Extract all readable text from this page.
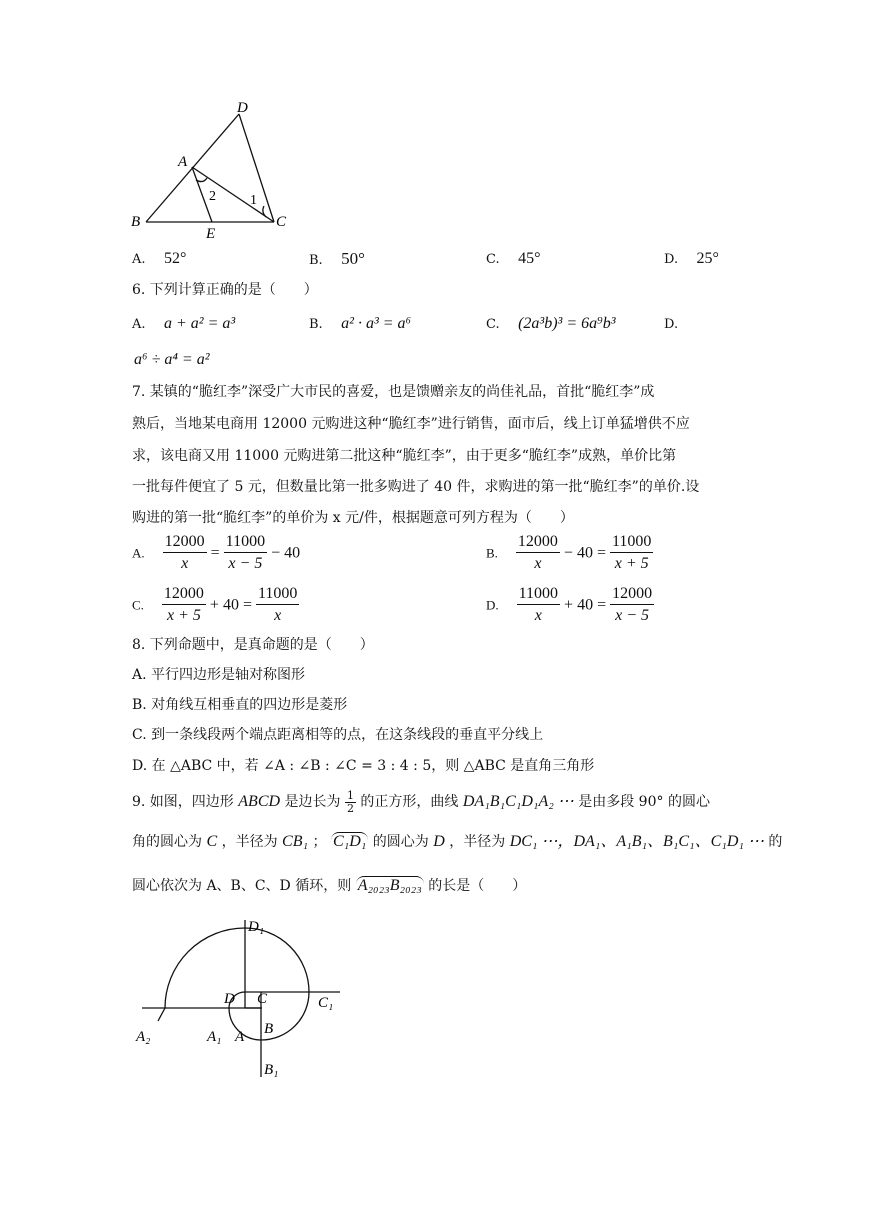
D
A
B	C
E
1
2
A. 52°	B. 50°	C. 45°	D. 25°
6. 下列计算正确的是（　　）
A. a + a² = a³	B. a² · a³ = a⁶	C. (2a³b)³ = 6a⁹b³	D.
a⁶ ÷ a⁴ = a²
7. 某镇的“脆红李”深受广大市民的喜爱，也是馈赠亲友的尚佳礼品，首批“脆红李”成
熟后，当地某电商用 12000 元购进这种“脆红李”进行销售，面市后，线上订单猛增供不应
求，该电商又用 11000 元购进第二批这种“脆红李”，由于更多“脆红李”成熟，单价比第
一批每件便宜了 5 元，但数量比第一批多购进了 40 件，求购进的第一批“脆红李”的单价.设
购进的第一批“脆红李”的单价为 x 元/件，根据题意可列方程为（　　）
A. $\frac{12000}{x} = \frac{11000}{x - 5} - 40$	B. $\frac{12000}{x} - 40 = \frac{11000}{x + 5}$
C. $\frac{12000}{x + 5} + 40 = \frac{11000}{x}$	D. $\frac{11000}{x} + 40 = \frac{12000}{x - 5}$
8. 下列命题中，是真命题的是（　　）
A. 平行四边形是轴对称图形
B. 对角线互相垂直的四边形是菱形
C. 到一条线段两个端点距离相等的点，在这条线段的垂直平分线上
D. 在 △ABC 中，若 ∠A : ∠B : ∠C = 3 : 4 : 5，则 △ABC 是直角三角形
9. 如图，四边形 ABCD 是边长为 $\frac{1}{2}$ 的正方形，曲线 DA₁B₁C₁D₁A₂ ⋯ 是由多段 90° 的圆心
角的圆心为 C ，半径为 CB₁ ； C₁D₁ 的圆心为 D ，半径为 DC₁ ⋯，DA₁、A₁B₁、B₁C₁、C₁D₁ ⋯ 的
圆心依次为 A、B、C、D 循环，则 A₂₀₂₃B₂₀₂₃ 的长是（　　）
D₁
D C	C₁
A₂	A₁ A B
B₁
